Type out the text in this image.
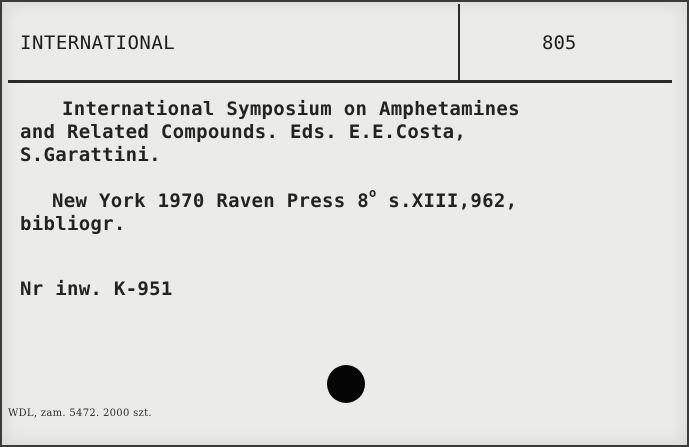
INTERNATIONAL	805
International Symposium on Amphetamines
and Related Compounds. Eds. E.E.Costa,
S.Garattini.
New York 1970 Raven Press 8$^o$ s.XIII,962,
bibliogr.
Nr inw. K-951
WDL, zam. 5472. 2000 szt.
